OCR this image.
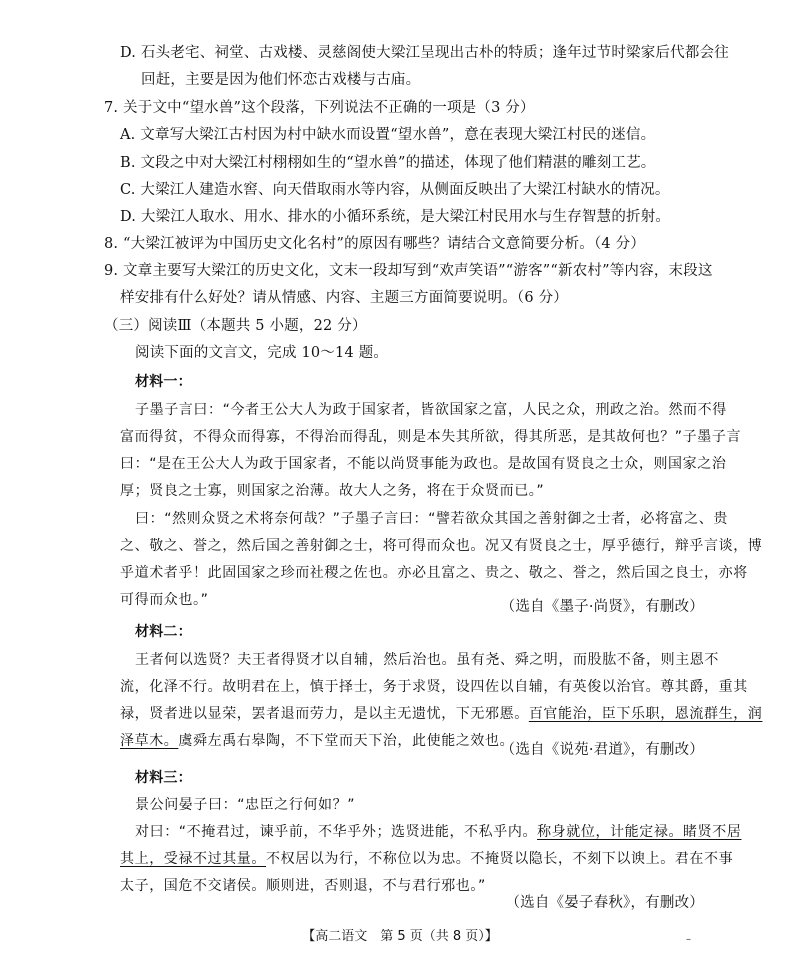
D. 石头老宅、祠堂、古戏楼、灵慈阁使大梁江呈现出古朴的特质；逢年过节时梁家后代都会往
回赶，主要是因为他们怀恋古戏楼与古庙。
7. 关于文中“望水兽”这个段落，下列说法不正确的一项是（3 分）
A. 文章写大梁江古村因为村中缺水而设置“望水兽”，意在表现大梁江村民的迷信。
B. 文段之中对大梁江村栩栩如生的“望水兽”的描述，体现了他们精湛的雕刻工艺。
C. 大梁江人建造水窖、向天借取雨水等内容，从侧面反映出了大梁江村缺水的情况。
D. 大梁江人取水、用水、排水的小循环系统，是大梁江村民用水与生存智慧的折射。
8. “大梁江被评为中国历史文化名村”的原因有哪些？请结合文意简要分析。（4 分）
9. 文章主要写大梁江的历史文化，文末一段却写到“欢声笑语”“游客”“新农村”等内容，末段这
样安排有什么好处？请从情感、内容、主题三方面简要说明。（6 分）
（三）阅读Ⅲ（本题共 5 小题，22 分）
阅读下面的文言文，完成 10～14 题。
材料一：
子墨子言曰：“今者王公大人为政于国家者，皆欲国家之富，人民之众，刑政之治。然而不得
富而得贫，不得众而得寡，不得治而得乱，则是本失其所欲，得其所恶，是其故何也？”子墨子言
曰：“是在王公大人为政于国家者，不能以尚贤事能为政也。是故国有贤良之士众，则国家之治
厚；贤良之士寡，则国家之治薄。故大人之务，将在于众贤而已。”
曰：“然则众贤之术将奈何哉？”子墨子言曰：“譬若欲众其国之善射御之士者，必将富之、贵
之、敬之、誉之，然后国之善射御之士，将可得而众也。况又有贤良之士，厚乎德行，辩乎言谈，博
乎道术者乎！此固国家之珍而社稷之佐也。亦必且富之、贵之、敬之、誉之，然后国之良士，亦将
可得而众也。”	（选自《墨子·尚贤》，有删改）
材料二：
王者何以选贤？夫王者得贤才以自辅，然后治也。虽有尧、舜之明，而股肱不备，则主恩不
流，化泽不行。故明君在上，慎于择士，务于求贤，设四佐以自辅，有英俊以治官。尊其爵，重其
禄，贤者进以显荣，罢者退而劳力，是以主无遗忧，下无邪慝。百官能治，臣下乐职，恩流群生，润
泽草木。虞舜左禹右皋陶，不下堂而天下治，此使能之效也。
（选自《说苑·君道》，有删改）
材料三：
景公问晏子曰：“忠臣之行何如？”
对曰：“不掩君过，谏乎前，不华乎外；选贤进能，不私乎内。称身就位，计能定禄。睹贤不居
其上，受禄不过其量。不权居以为行，不称位以为忠。不掩贤以隐长，不刻下以谀上。君在不事
太子，国危不交诸侯。顺则进，否则退，不与君行邪也。”
（选自《晏子春秋》，有删改）
【高二语文　第 5 页（共 8 页）】	–
